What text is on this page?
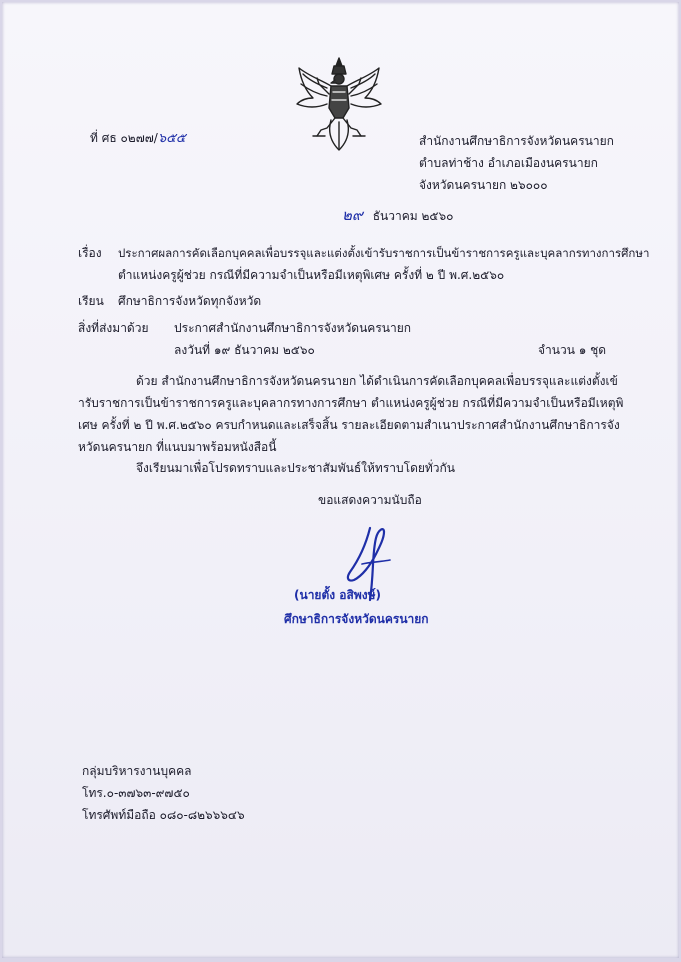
ที่ ศธ ๐๒๗๗/๖๕๕	สำนักงานศึกษาธิการจังหวัดนครนายก
ตำบลท่าช้าง อำเภอเมืองนครนายก
จังหวัดนครนายก ๒๖๐๐๐
๒๙ ธันวาคม ๒๕๖๐
เรื่อง ประกาศผลการคัดเลือกบุคคลเพื่อบรรจุและแต่งตั้งเข้ารับราชการเป็นข้าราชการครูและบุคลากรทางการศึกษา
ตำแหน่งครูผู้ช่วย กรณีที่มีความจำเป็นหรือมีเหตุพิเศษ ครั้งที่ ๒ ปี พ.ศ.๒๕๖๐
เรียน ศึกษาธิการจังหวัดทุกจังหวัด
สิ่งที่ส่งมาด้วย ประกาศสำนักงานศึกษาธิการจังหวัดนครนายก
ลงวันที่ ๑๙ ธันวาคม ๒๕๖๐	จำนวน ๑ ชุด
ด้วย สำนักงานศึกษาธิการจังหวัดนครนายก ได้ดำเนินการคัดเลือกบุคคลเพื่อบรรจุและแต่งตั้งเข้ารับราชการเป็นข้าราชการครูและบุคลากรทางการศึกษา ตำแหน่งครูผู้ช่วย กรณีที่มีความจำเป็นหรือมีเหตุพิเศษ ครั้งที่ ๒ ปี พ.ศ.๒๕๖๐ ครบกำหนดและเสร็จสิ้น รายละเอียดตามสำเนาประกาศสำนักงานศึกษาธิการจังหวัดนครนายก ที่แนบมาพร้อมหนังสือนี้
จึงเรียนมาเพื่อโปรดทราบและประชาสัมพันธ์ให้ทราบโดยทั่วกัน
ขอแสดงความนับถือ
(นายตั้ง อสิพงษ์)
ศึกษาธิการจังหวัดนครนายก
กลุ่มบริหารงานบุคคล
โทร.๐-๓๗๖๓-๙๗๕๐
โทรศัพท์มือถือ ๐๘๐-๘๒๖๖๖๔๖
